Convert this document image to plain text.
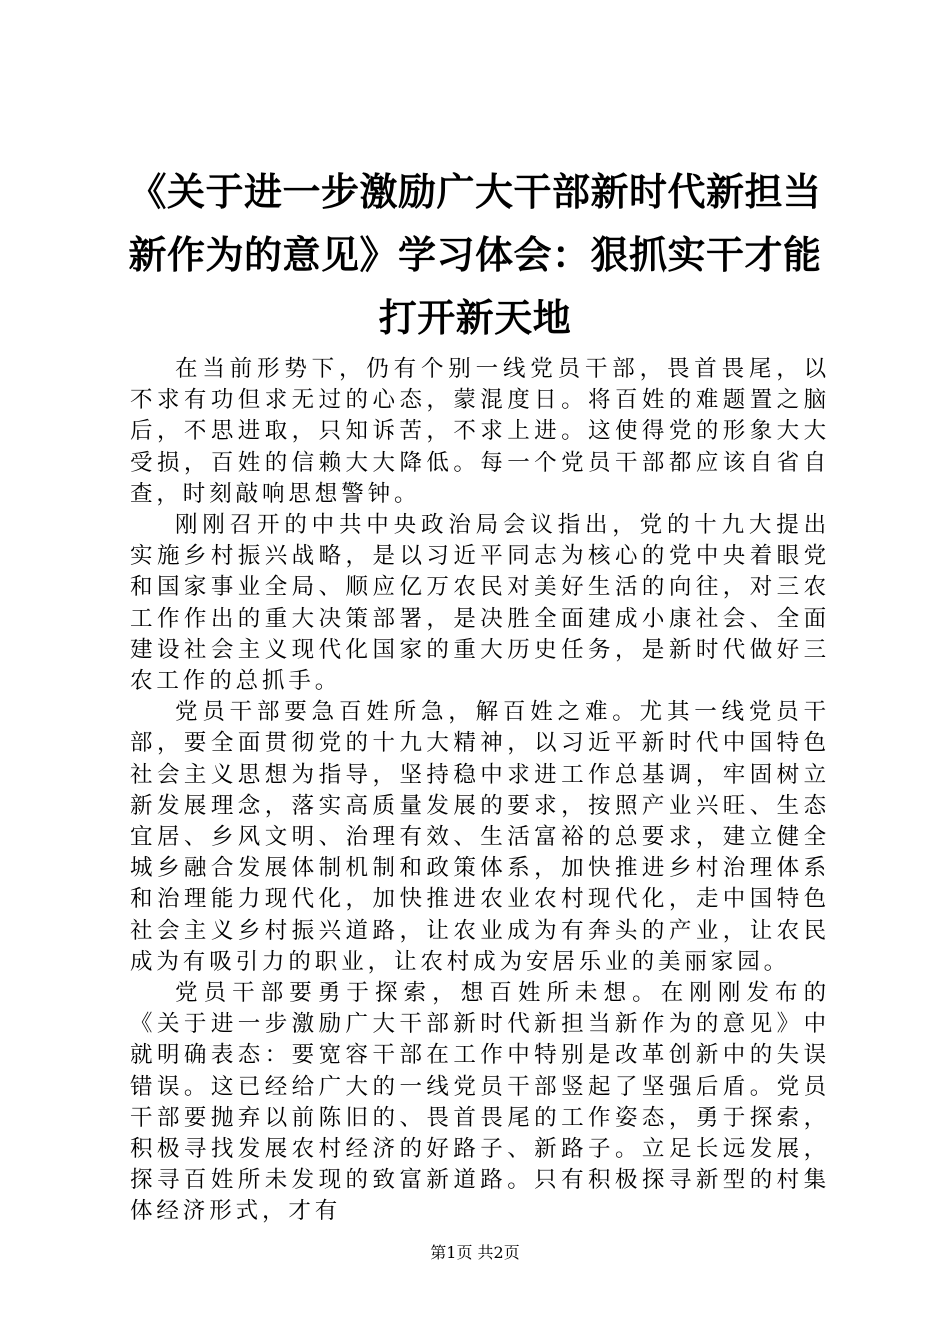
《关于进一步激励广大干部新时代新担当新作为的意见》学习体会：狠抓实干才能打开新天地

在当前形势下，仍有个别一线党员干部，畏首畏尾，以不求有功但求无过的心态，蒙混度日。将百姓的难题置之脑后，不思进取，只知诉苦，不求上进。这使得党的形象大大受损，百姓的信赖大大降低。每一个党员干部都应该自省自查，时刻敲响思想警钟。

刚刚召开的中共中央政治局会议指出，党的十九大提出实施乡村振兴战略，是以习近平同志为核心的党中央着眼党和国家事业全局、顺应亿万农民对美好生活的向往，对三农工作作出的重大决策部署，是决胜全面建成小康社会、全面建设社会主义现代化国家的重大历史任务，是新时代做好三农工作的总抓手。

党员干部要急百姓所急，解百姓之难。尤其一线党员干部，要全面贯彻党的十九大精神，以习近平新时代中国特色社会主义思想为指导，坚持稳中求进工作总基调，牢固树立新发展理念，落实高质量发展的要求，按照产业兴旺、生态宜居、乡风文明、治理有效、生活富裕的总要求，建立健全城乡融合发展体制机制和政策体系，加快推进乡村治理体系和治理能力现代化，加快推进农业农村现代化，走中国特色社会主义乡村振兴道路，让农业成为有奔头的产业，让农民成为有吸引力的职业，让农村成为安居乐业的美丽家园。

党员干部要勇于探索，想百姓所未想。在刚刚发布的《关于进一步激励广大干部新时代新担当新作为的意见》中就明确表态：要宽容干部在工作中特别是改革创新中的失误错误。这已经给广大的一线党员干部竖起了坚强后盾。党员干部要抛弃以前陈旧的、畏首畏尾的工作姿态，勇于探索，积极寻找发展农村经济的好路子、新路子。立足长远发展，探寻百姓所未发现的致富新道路。只有积极探寻新型的村集体经济形式，才有

第1页 共2页
